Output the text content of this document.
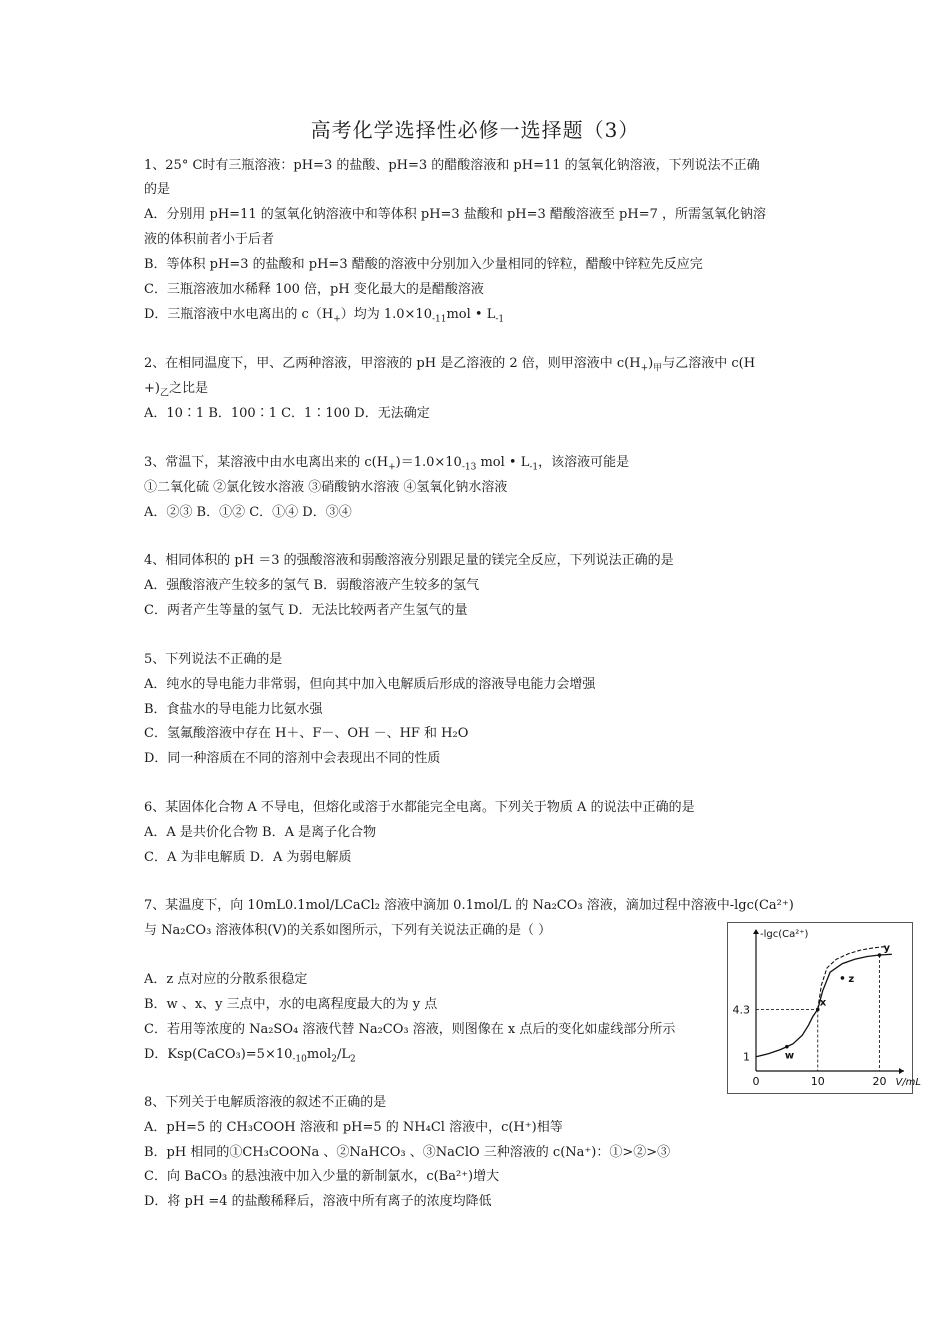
高考化学选择性必修一选择题（3）
1、25° C时有三瓶溶液：pH=3 的盐酸、pH=3 的醋酸溶液和 pH=11 的氢氧化钠溶液，下列说法不正确
的是
A．分别用 pH=11 的氢氧化钠溶液中和等体积 pH=3 盐酸和 pH=3 醋酸溶液至 pH=7 ，所需氢氧化钠溶
液的体积前者小于后者
B．等体积 pH=3 的盐酸和 pH=3 醋酸的溶液中分别加入少量相同的锌粒，醋酸中锌粒先反应完
C．三瓶溶液加水稀释 100 倍，pH 变化最大的是醋酸溶液
D．三瓶溶液中水电离出的 $c(H_+)$均为 $1.0\times 10_{-11}mol$ • $L_{-1}$
2、在相同温度下，甲、乙两种溶液，甲溶液的 pH 是乙溶液的 2 倍，则甲溶液中 $c(H_+)_甲$与乙溶液中 c(H
$+)_乙$之比是
A．10∶1 B．100∶1 C．1∶100 D．无法确定
3、常温下，某溶液中由水电离出来的 $c(H_+)=1.0\times 10_{-13}$ mol • $L_{-1}$，该溶液可能是
①二氧化硫 ②氯化铵水溶液 ③硝酸钠水溶液 ④氢氧化钠水溶液
A．②③ B．①② C．①④ D．③④
4、相同体积的 pH ＝3 的强酸溶液和弱酸溶液分别跟足量的镁完全反应，下列说法正确的是
A．强酸溶液产生较多的氢气 B．弱酸溶液产生较多的氢气
C．两者产生等量的氢气 D．无法比较两者产生氢气的量
5、下列说法不正确的是
A．纯水的导电能力非常弱，但向其中加入电解质后形成的溶液导电能力会增强
B．食盐水的导电能力比氨水强
C．氢氟酸溶液中存在 H＋、F－、OH －、HF 和 H₂O
D．同一种溶质在不同的溶剂中会表现出不同的性质
6、某固体化合物 A 不导电，但熔化或溶于水都能完全电离。下列关于物质 A 的说法中正确的是
A．A 是共价化合物 B．A 是离子化合物
C．A 为非电解质 D．A 为弱电解质
7、某温度下，向 10mL0.1mol/LCaCl₂ 溶液中滴加 0.1mol/L 的 Na₂CO₃ 溶液，滴加过程中溶液中-lgc(Ca²⁺)
与 Na₂CO₃ 溶液体积(V)的关系如图所示，下列有关说法正确的是（ ）
A．z 点对应的分散系很稳定
B．w 、x、y 三点中，水的电离程度最大的为 y 点
C．若用等浓度的 Na₂SO₄ 溶液代替 Na₂CO₃ 溶液，则图像在 x 点后的变化如虚线部分所示
D．$Ksp(CaCO_3)=5\times 10_{-10}mol_2/L_2$
-lgc(Ca²⁺)
V/mL
0	10	20
1
4.3
w
x
y
z
8、下列关于电解质溶液的叙述不正确的是
A．pH=5 的 CH₃COOH 溶液和 pH=5 的 NH₄Cl 溶液中，c(H⁺)相等
B．pH 相同的①CH₃COONa 、②NaHCO₃ 、③NaClO 三种溶液的 c(Na⁺)：①>②>③
C．向 BaCO₃ 的悬浊液中加入少量的新制氯水，c(Ba²⁺)增大
D．将 pH =4 的盐酸稀释后，溶液中所有离子的浓度均降低
